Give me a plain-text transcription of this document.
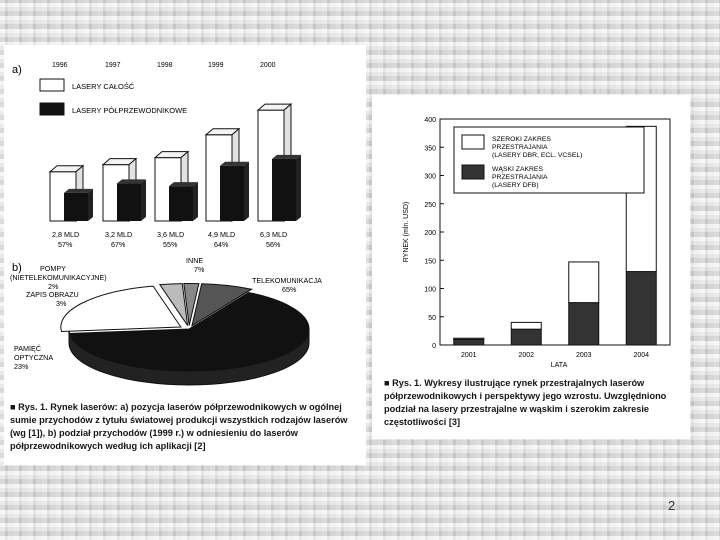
a)
b)
LASERY CAŁOŚĆ
LASERY PÓŁPRZEWODNIKOWE
1996
2,8 MLD
57%
1997
3,2 MLD
67%
1998
3,6 MLD
55%
1999
4,9 MLD
64%
2000
6,3 MLD
56%
TELEKOMUNIKACJA
65%
PAMIĘĆ
OPTYCZNA
23%
ZAPIS OBRAZU
3%
POMPY
(NIETELEKOMUNIKACYJNE)
2%
INNE
7%
■ Rys. 1. Rynek laserów: a) pozycja laserów półprzewodnikowych w ogólnej sumie przychodów z tytułu światowej produkcji wszystkich rodzajów laserów (wg [1]), b) podział przychodów (1999 r.) w odniesieniu do laserów półprzewodnikowych według ich aplikacji [2]
0
50
100
150
200
250
300
350
400
RYNEK (mln. USD)
LATA
2001	2002	2003	2004
SZEROKI ZAKRES
PRZESTRAJANIA
(LASERY DBR, ECL, VCSEL)
WĄSKI ZAKRES
PRZESTRAJANIA
(LASERY DFB)
■ Rys. 1. Wykresy ilustrujące rynek przestrajalnych laserów półprzewodnikowych i perspektywy jego wzrostu. Uwzględniono podział na lasery przestrajalne w wąskim i szerokim zakresie częstotliwości [3]
2
